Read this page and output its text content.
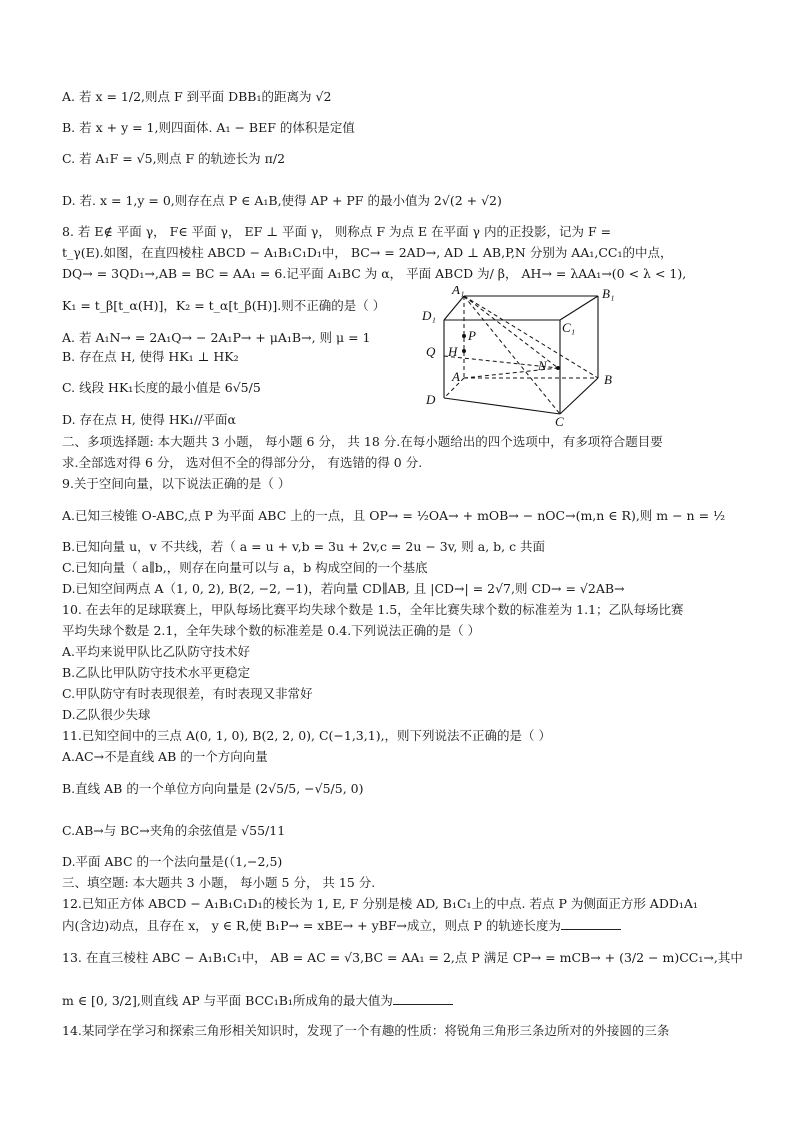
A. 若 x = 1/2,则点 F 到平面 DBB₁的距离为 √2
B. 若 x + y = 1,则四面体. A₁ − BEF 的体积是定值
C. 若 A₁F = √5,则点 F 的轨迹长为 π/2
D. 若. x = 1,y = 0,则存在点 P ∈ A₁B,使得 AP + PF 的最小值为 2√(2 + √2)
8. 若 E∉ 平面 γ， F∈ 平面 γ， EF ⊥ 平面 γ， 则称点 F 为点 E 在平面 γ 内的正投影，记为 F =
t_γ(E).如图，在直四棱柱 ABCD − A₁B₁C₁D₁中， BC→ = 2AD→, AD ⊥ AB,P,N 分别为 AA₁,CC₁的中点，
DQ→ = 3QD₁→,AB = BC = AA₁ = 6.记平面 A₁BC 为 α， 平面 ABCD 为/ β， AH→ = λAA₁→(0 < λ < 1),
K₁ = t_β[t_α(H)]，K₂ = t_α[t_β(H)].则不正确的是（ ）
A. 若 A₁N→ = 2A₁Q→ − 2A₁P→ + μA₁B→, 则 μ = 1
B. 存在点 H, 使得 HK₁ ⊥ HK₂
C. 线段 HK₁长度的最小值是 6√5/5
D. 存在点 H, 使得 HK₁//平面α
A₁	B₁
C₁
D₁
Q
P
H
N
A	B
C
D
二、多项选择题: 本大题共 3 小题， 每小题 6 分， 共 18 分.在每小题给出的四个选项中，有多项符合题目要
求.全部选对得 6 分， 选对但不全的得部分分， 有选错的得 0 分.
9.关于空间向量，以下说法正确的是（ ）
A.已知三棱锥 O-ABC,点 P 为平面 ABC 上的一点，且 OP→ = ½OA→ + mOB→ − nOC→(m,n ∈ R),则 m − n = ½
B.已知向量 u，v 不共线，若（ a = u + v,b = 3u + 2v,c = 2u − 3v, 则 a, b, c 共面
C.已知向量（ a∥b,，则存在向量可以与 a，b 构成空间的一个基底
D.已知空间两点 A（1, 0, 2), B(2, −2, −1)，若向量 CD∥AB, 且 |CD→| = 2√7,则 CD→ = √2AB→
10. 在去年的足球联赛上，甲队每场比赛平均失球个数是 1.5，全年比赛失球个数的标准差为 1.1；乙队每场比赛
平均失球个数是 2.1，全年失球个数的标准差是 0.4.下列说法正确的是（ ）
A.平均来说甲队比乙队防守技术好
B.乙队比甲队防守技术水平更稳定
C.甲队防守有时表现很差，有时表现又非常好
D.乙队很少失球
11.已知空间中的三点 A(0, 1, 0), B(2, 2, 0), C(−1,3,1),，则下列说法不正确的是（ ）
A.AC→不是直线 AB 的一个方向向量
B.直线 AB 的一个单位方向向量是 (2√5/5, −√5/5, 0)
C.AB→与 BC→夹角的余弦值是 √55/11
D.平面 ABC 的一个法向量是(（1,−2,5)
三、填空题: 本大题共 3 小题， 每小题 5 分， 共 15 分.
12.已知正方体 ABCD − A₁B₁C₁D₁的棱长为 1, E, F 分别是棱 AD, B₁C₁上的中点. 若点 P 为侧面正方形 ADD₁A₁
内(含边)动点，且存在 x， y ∈ R,使 B₁P→ = xBE→ + yBF→成立，则点 P 的轨迹长度为
13. 在直三棱柱 ABC − A₁B₁C₁中， AB = AC = √3,BC = AA₁ = 2,点 P 满足 CP→ = mCB→ + (3/2 − m)CC₁→,其中
m ∈ [0, 3/2],则直线 AP 与平面 BCC₁B₁所成角的最大值为
14.某同学在学习和探索三角形相关知识时，发现了一个有趣的性质：将锐角三角形三条边所对的外接圆的三条
